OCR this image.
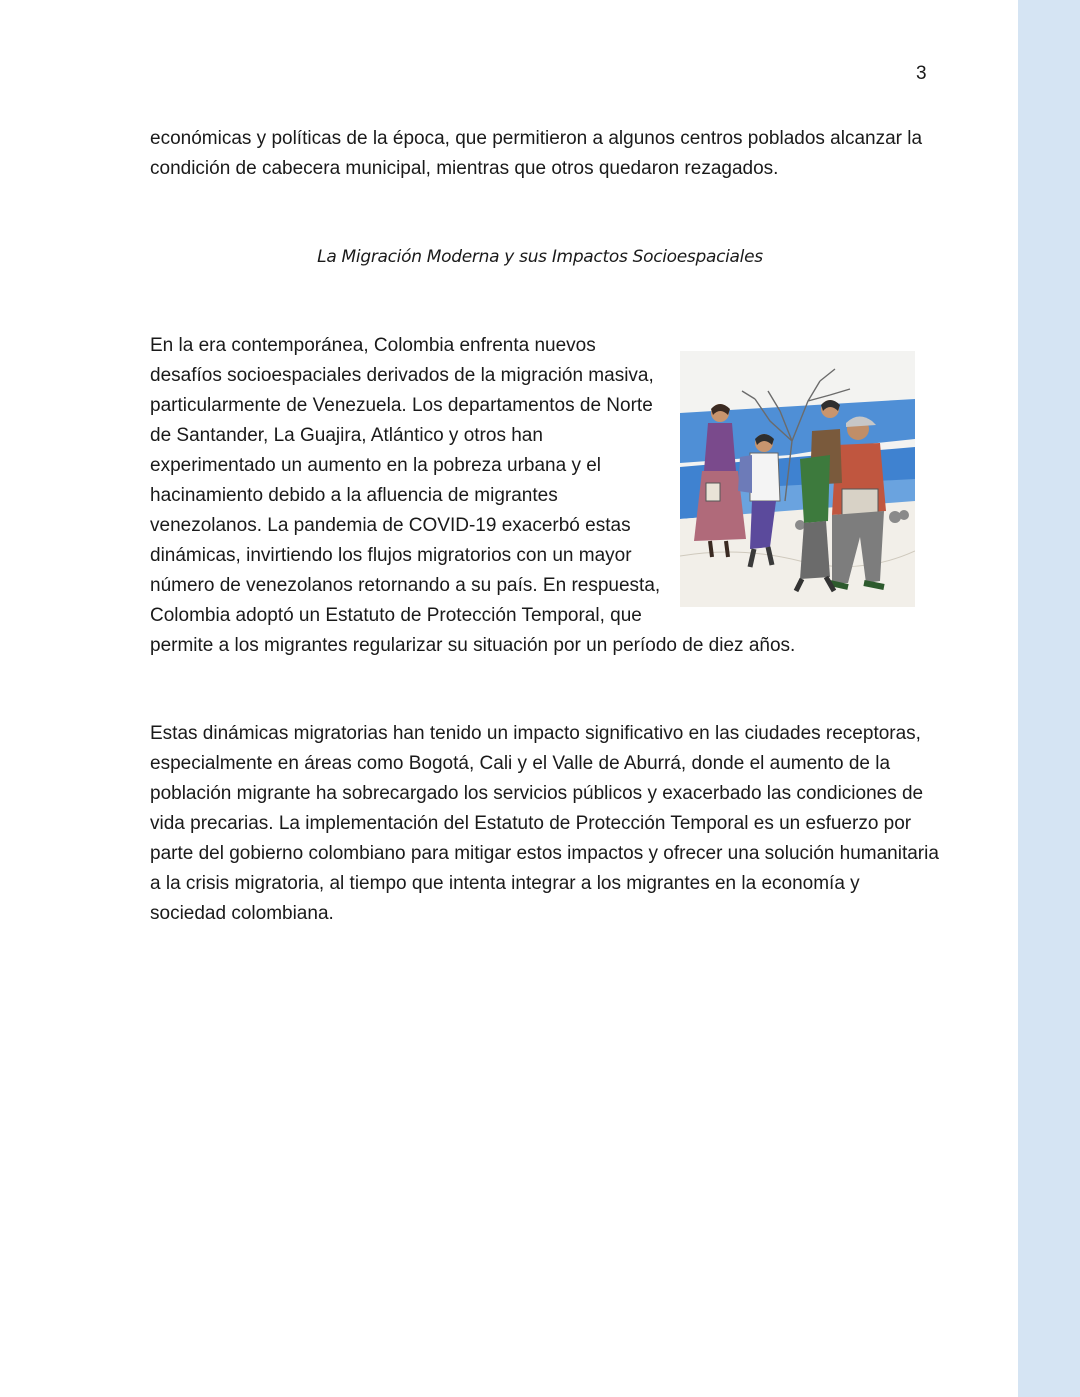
3

económicas y políticas de la época, que permitieron a algunos centros poblados alcanzar la condición de cabecera municipal, mientras que otros quedaron rezagados.

La Migración Moderna y sus Impactos Socioespaciales

En la era contemporánea, Colombia enfrenta nuevos desafíos socioespaciales derivados de la migración masiva, particularmente de Venezuela. Los departamentos de Norte de Santander, La Guajira, Atlántico y otros han experimentado un aumento en la pobreza urbana y el hacinamiento debido a la afluencia de migrantes venezolanos. La pandemia de COVID-19 exacerbó estas dinámicas, invirtiendo los flujos migratorios con un mayor número de venezolanos retornando a su país. En respuesta, Colombia adoptó un Estatuto de Protección Temporal, que permite a los migrantes regularizar su situación por un período de diez años.

Estas dinámicas migratorias han tenido un impacto significativo en las ciudades receptoras, especialmente en áreas como Bogotá, Cali y el Valle de Aburrá, donde el aumento de la población migrante ha sobrecargado los servicios públicos y exacerbado las condiciones de vida precarias. La implementación del Estatuto de Protección Temporal es un esfuerzo por parte del gobierno colombiano para mitigar estos impactos y ofrecer una solución humanitaria a la crisis migratoria, al tiempo que intenta integrar a los migrantes en la economía y sociedad colombiana.
